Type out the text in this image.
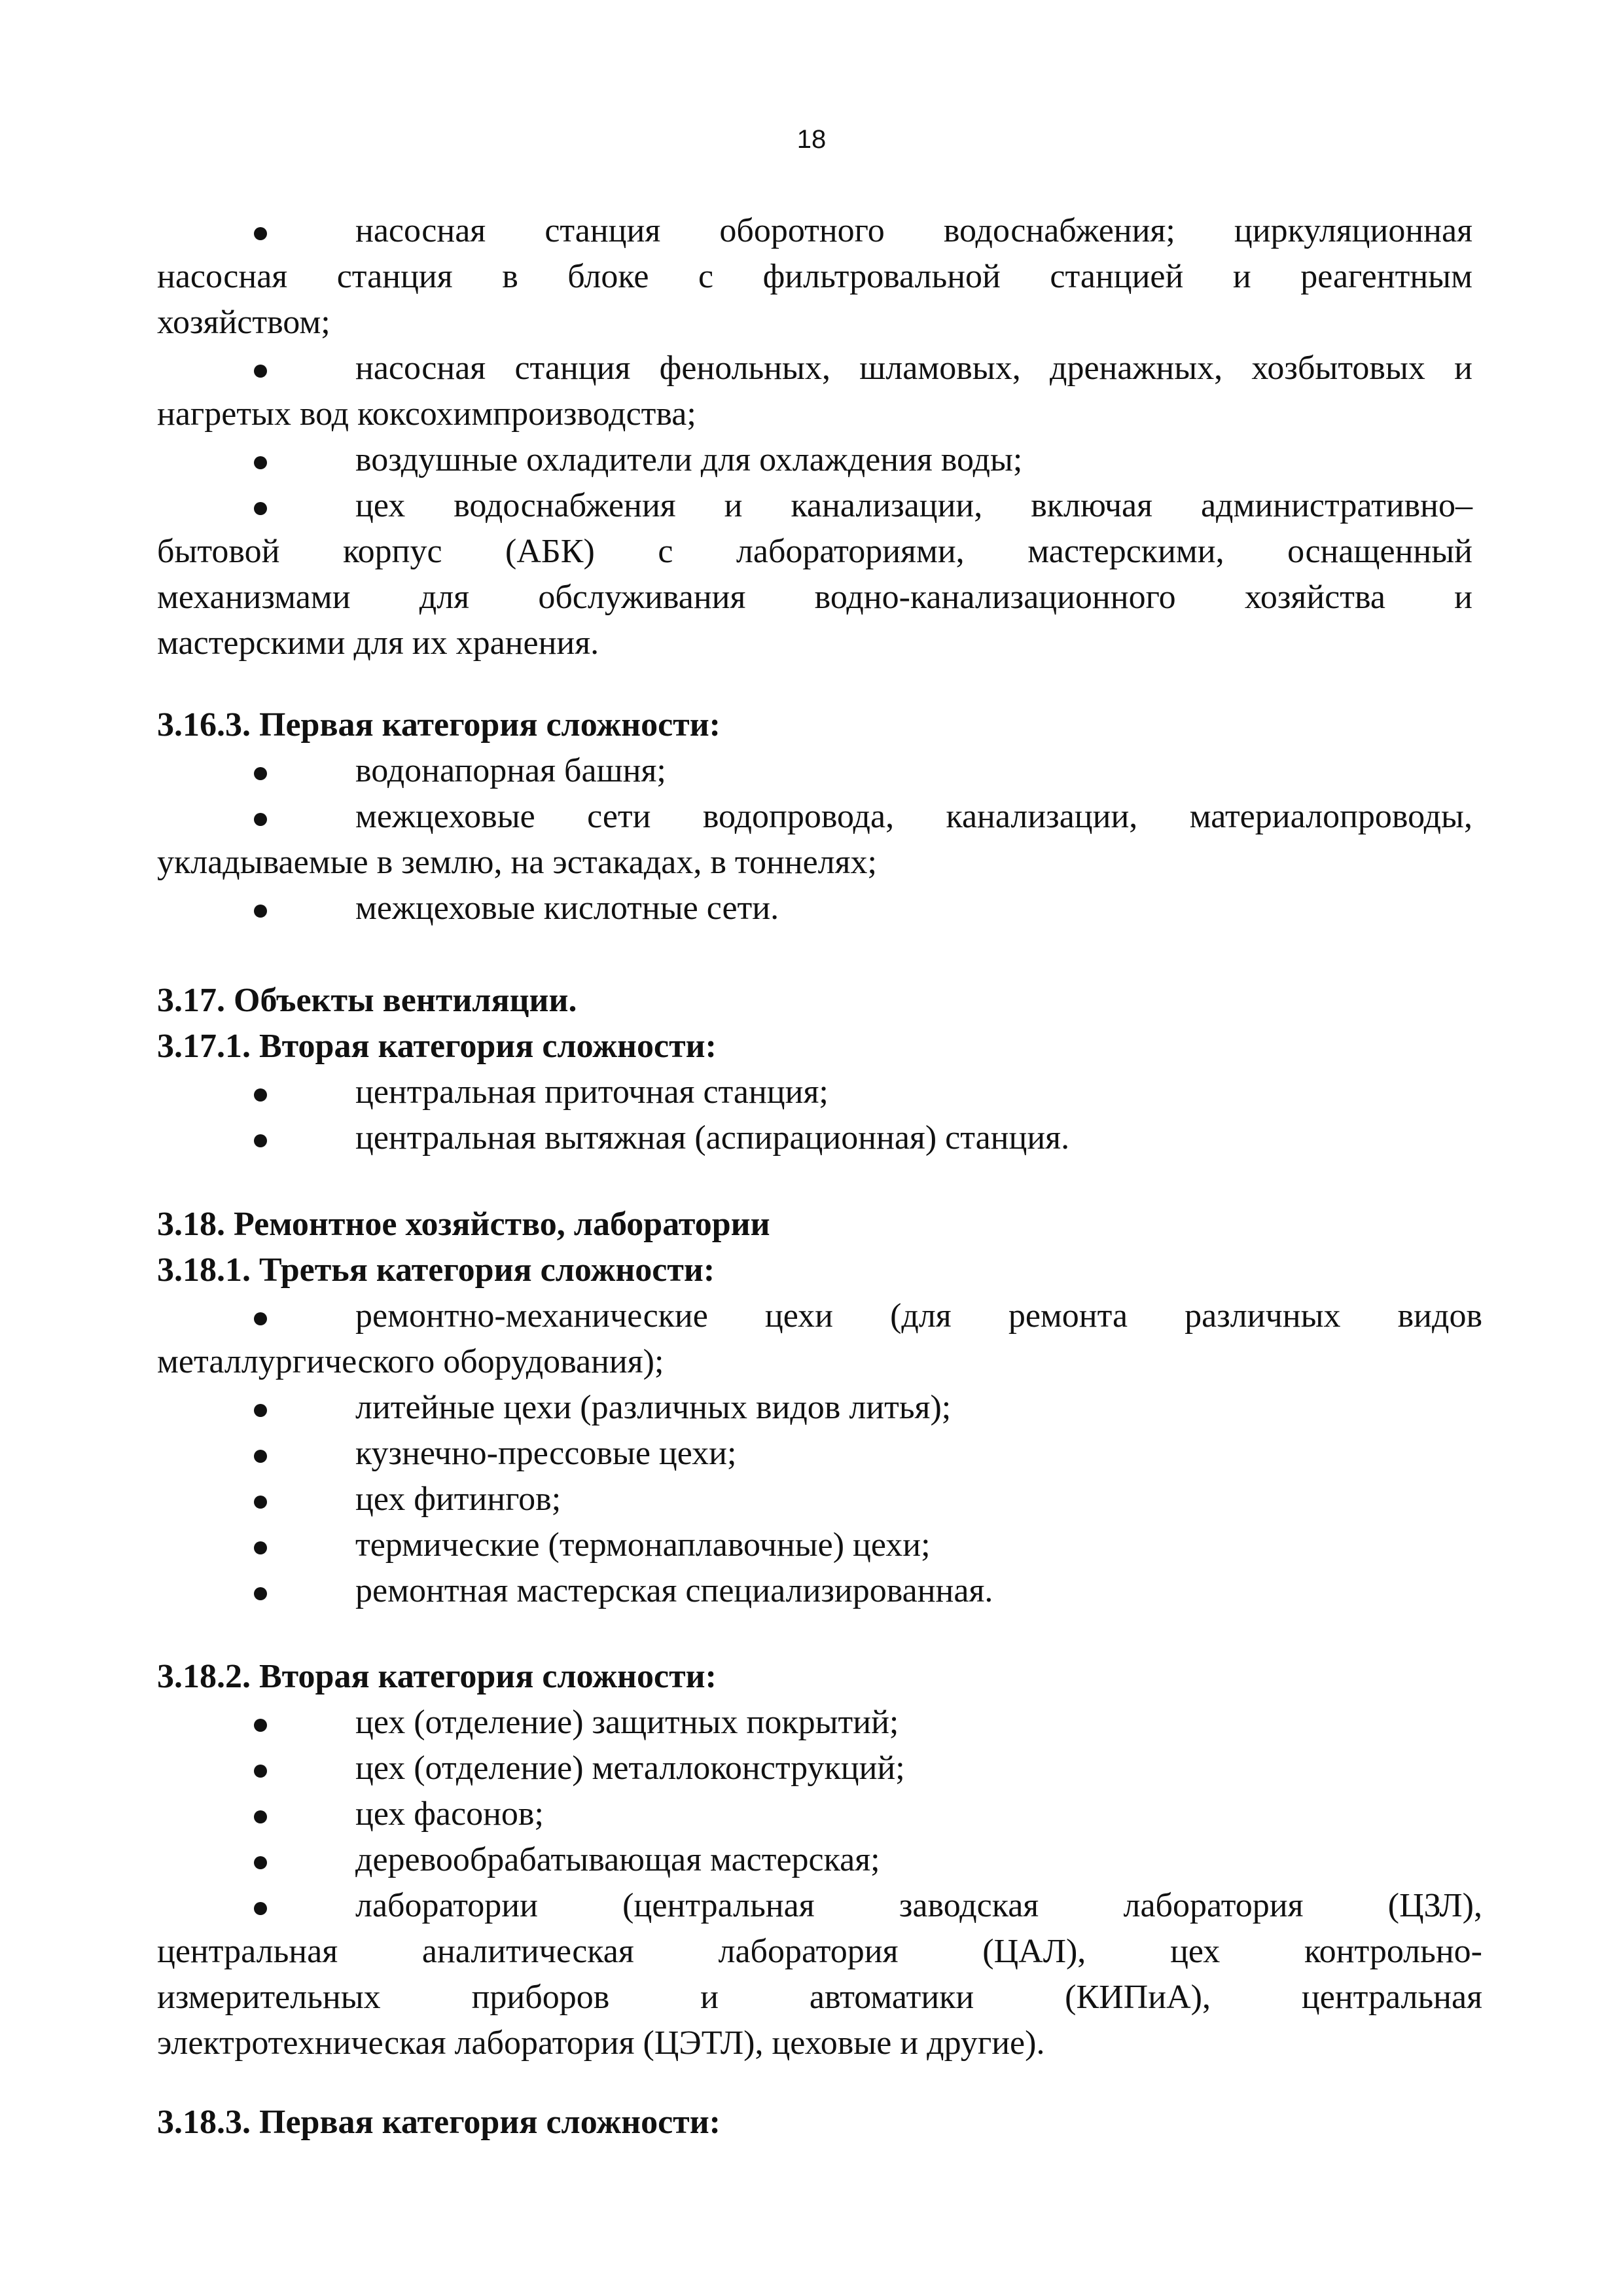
18
насосная станция оборотного водоснабжения; циркуляционная
насосная станция в блоке с фильтровальной станцией и реагентным
хозяйством;
насосная станция фенольных, шламовых, дренажных, хозбытовых и
нагретых вод коксохимпроизводства;
воздушные охладители для охлаждения воды;
цех водоснабжения и канализации, включая административно–
бытовой корпус (АБК) с лабораториями, мастерскими, оснащенный
механизмами для обслуживания водно-канализационного хозяйства и
мастерскими для их хранения.
3.16.3. Первая категория сложности:
водонапорная башня;
межцеховые сети водопровода, канализации, материалопроводы,
укладываемые в землю, на эстакадах, в тоннелях;
межцеховые кислотные сети.
3.17. Объекты вентиляции.
3.17.1. Вторая категория сложности:
центральная приточная станция;
центральная вытяжная (аспирационная) станция.
3.18. Ремонтное хозяйство, лаборатории
3.18.1. Третья категория сложности:
ремонтно-механические цехи (для ремонта различных видов
металлургического оборудования);
литейные цехи (различных видов литья);
кузнечно-прессовые цехи;
цех фитингов;
термические (термонаплавочные) цехи;
ремонтная мастерская специализированная.
3.18.2. Вторая категория сложности:
цех (отделение) защитных покрытий;
цех (отделение) металлоконструкций;
цех фасонов;
деревообрабатывающая мастерская;
лаборатории (центральная заводская лаборатория (ЦЗЛ),
центральная аналитическая лаборатория (ЦАЛ), цех контрольно-
измерительных приборов и автоматики (КИПиА), центральная
электротехническая лаборатория (ЦЭТЛ), цеховые и другие).
3.18.3. Первая категория сложности:
